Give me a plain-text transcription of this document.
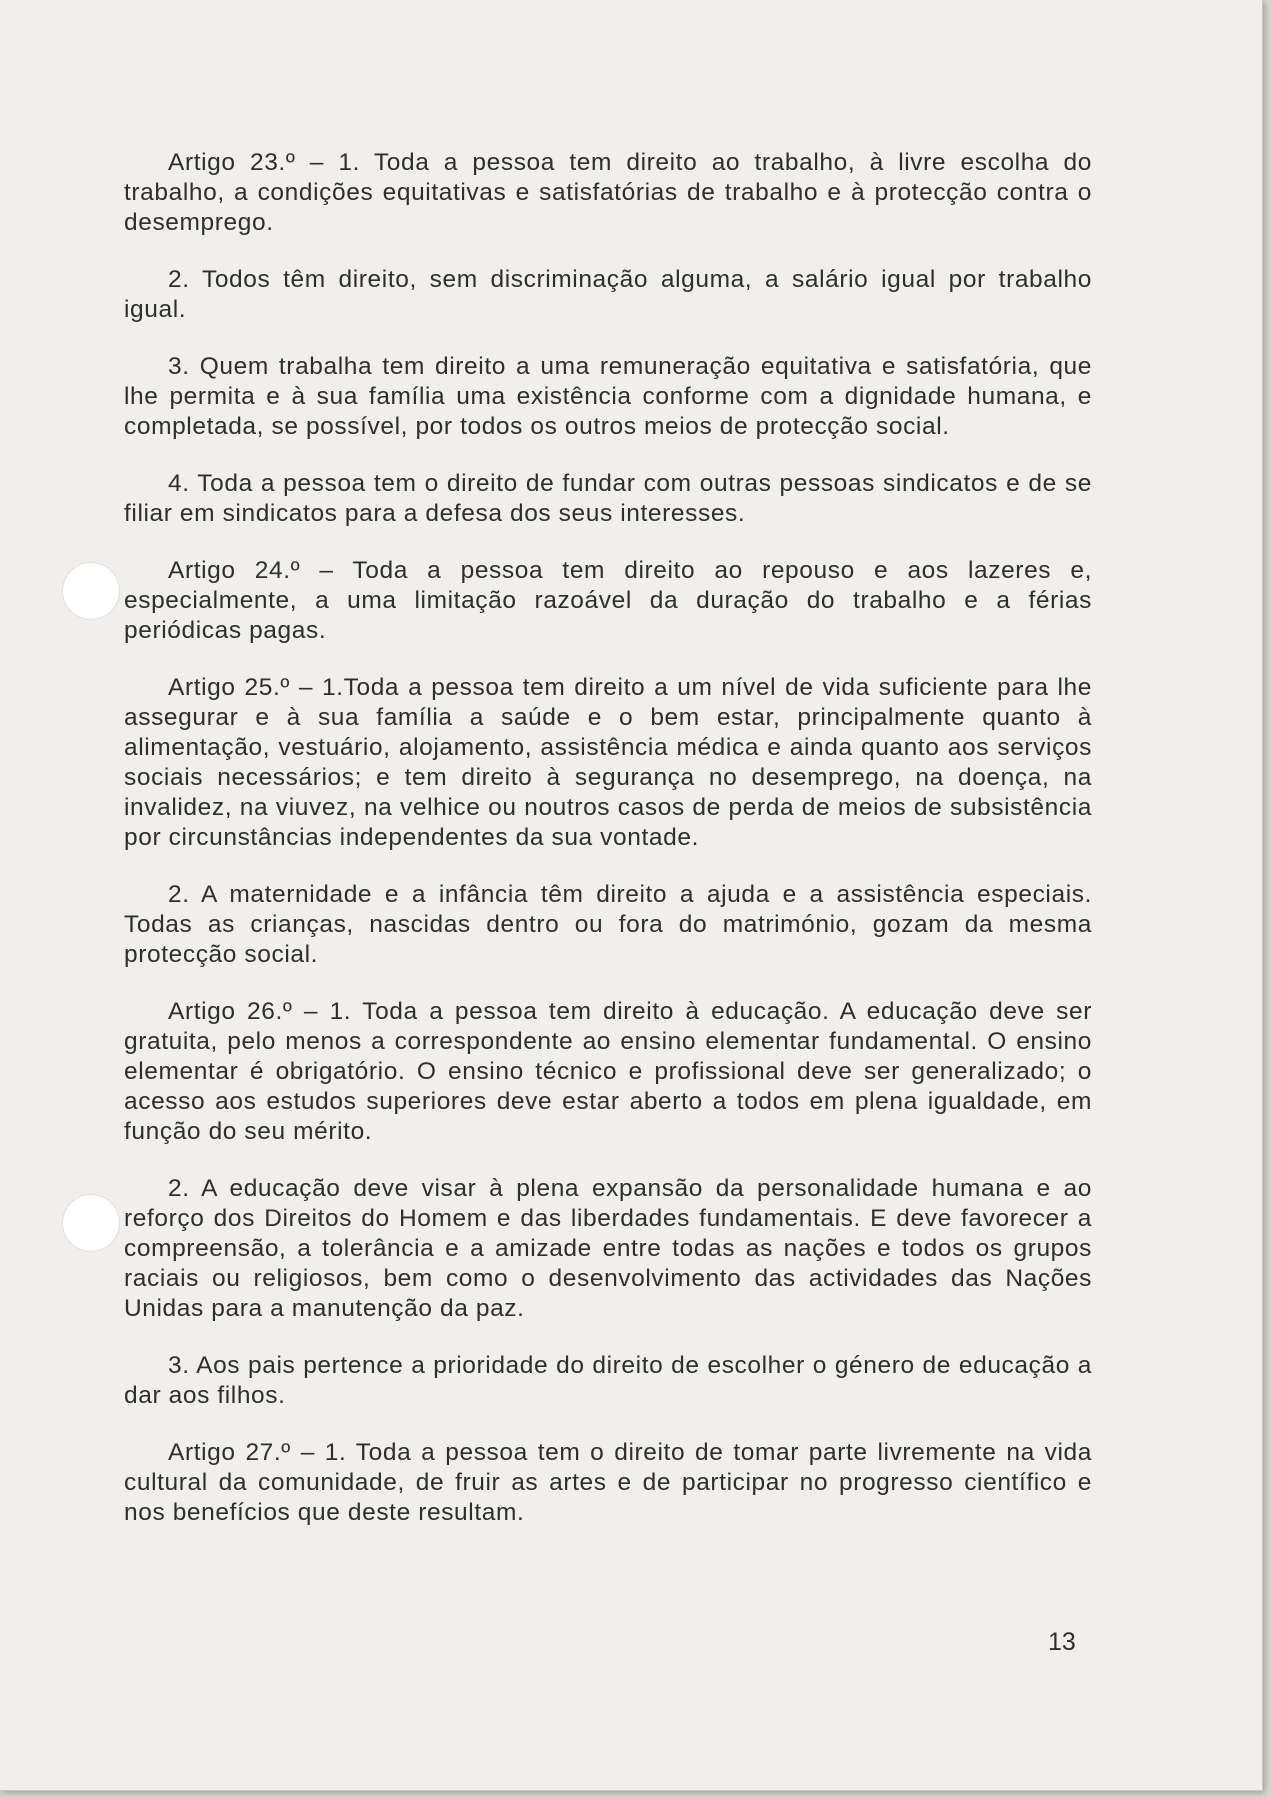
Artigo 23.º – 1. Toda a pessoa tem direito ao trabalho, à livre escolha do trabalho, a condições equitativas e satisfatórias de trabalho e à protecção contra o desemprego.

2. Todos têm direito, sem discriminação alguma, a salário igual por trabalho igual.

3. Quem trabalha tem direito a uma remuneração equitativa e satisfatória, que lhe permita e à sua família uma existência conforme com a dignidade humana, e completada, se possível, por todos os outros meios de protecção social.

4. Toda a pessoa tem o direito de fundar com outras pessoas sindicatos e de se filiar em sindicatos para a defesa dos seus interesses.

Artigo 24.º – Toda a pessoa tem direito ao repouso e aos lazeres e, especialmente, a uma limitação razoável da duração do trabalho e a férias periódicas pagas.

Artigo 25.º – 1.Toda a pessoa tem direito a um nível de vida suficiente para lhe assegurar e à sua família a saúde e o bem estar, principalmente quanto à alimentação, vestuário, alojamento, assistência médica e ainda quanto aos serviços sociais necessários; e tem direito à segurança no desemprego, na doença, na invalidez, na viuvez, na velhice ou noutros casos de perda de meios de subsistência por circunstâncias independentes da sua vontade.

2. A maternidade e a infância têm direito a ajuda e a assistência especiais. Todas as crianças, nascidas dentro ou fora do matrimónio, gozam da mesma protecção social.

Artigo 26.º – 1. Toda a pessoa tem direito à educação. A educação deve ser gratuita, pelo menos a correspondente ao ensino elementar fundamental. O ensino elementar é obrigatório. O ensino técnico e profissional deve ser generalizado; o acesso aos estudos superiores deve estar aberto a todos em plena igualdade, em função do seu mérito.

2. A educação deve visar à plena expansão da personalidade humana e ao reforço dos Direitos do Homem e das liberdades fundamentais. E deve favorecer a compreensão, a tolerância e a amizade entre todas as nações e todos os grupos raciais ou religiosos, bem como o desenvolvimento das actividades das Nações Unidas para a manutenção da paz.

3. Aos pais pertence a prioridade do direito de escolher o género de educação a dar aos filhos.

Artigo 27.º – 1. Toda a pessoa tem o direito de tomar parte livremente na vida cultural da comunidade, de fruir as artes e de participar no progresso científico e nos benefícios que deste resultam.

13
